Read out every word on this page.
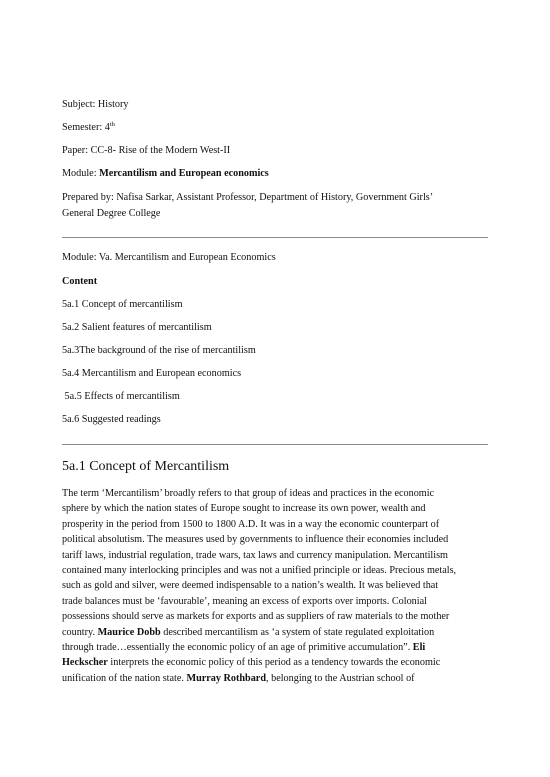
Subject: History
Semester: 4th
Paper: CC-8- Rise of the Modern West-II
Module: Mercantilism and European economics
Prepared by: Nafisa Sarkar, Assistant Professor, Department of History, Government Girls’
General Degree College
Module: Va. Mercantilism and European Economics
Content
5a.1 Concept of mercantilism
5a.2 Salient features of mercantilism
5a.3The background of the rise of mercantilism
5a.4 Mercantilism and European economics
5a.5 Effects of mercantilism
5a.6 Suggested readings
5a.1 Concept of Mercantilism
The term ‘Mercantilism’ broadly refers to that group of ideas and practices in the economic
sphere by which the nation states of Europe sought to increase its own power, wealth and
prosperity in the period from 1500 to 1800 A.D. It was in a way the economic counterpart of
political absolutism. The measures used by governments to influence their economies included
tariff laws, industrial regulation, trade wars, tax laws and currency manipulation. Mercantilism
contained many interlocking principles and was not a unified principle or ideas. Precious metals,
such as gold and silver, were deemed indispensable to a nation’s wealth. It was believed that
trade balances must be ‘favourable’, meaning an excess of exports over imports. Colonial
possessions should serve as markets for exports and as suppliers of raw materials to the mother
country. Maurice Dobb described mercantilism as ‘a system of state regulated exploitation
through trade…essentially the economic policy of an age of primitive accumulation”. Eli
Heckscher interprets the economic policy of this period as a tendency towards the economic
unification of the nation state. Murray Rothbard, belonging to the Austrian school of
